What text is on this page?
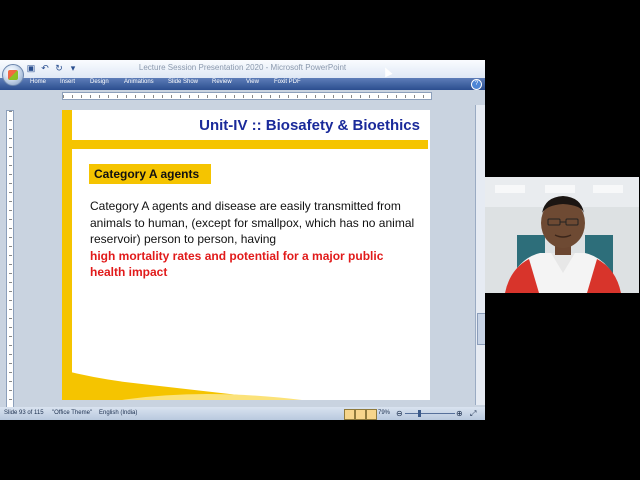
▣ ↶ ↻ ▾	Lecture Session Presentation 2020 - Microsoft PowerPoint
Home Insert Design	Animations Slide Show Review View	Foxit PDF	?
Slide 93 of 115 "Office Theme" English (India)	79% ⊖	⊕ ⤢
Unit-IV :: Biosafety & Bioethics
Category A agents
Category A agents and disease are easily transmitted from animals to human, (except for smallpox, which has no animal reservoir) person to person, having
high mortality rates and potential for a major public health impact
